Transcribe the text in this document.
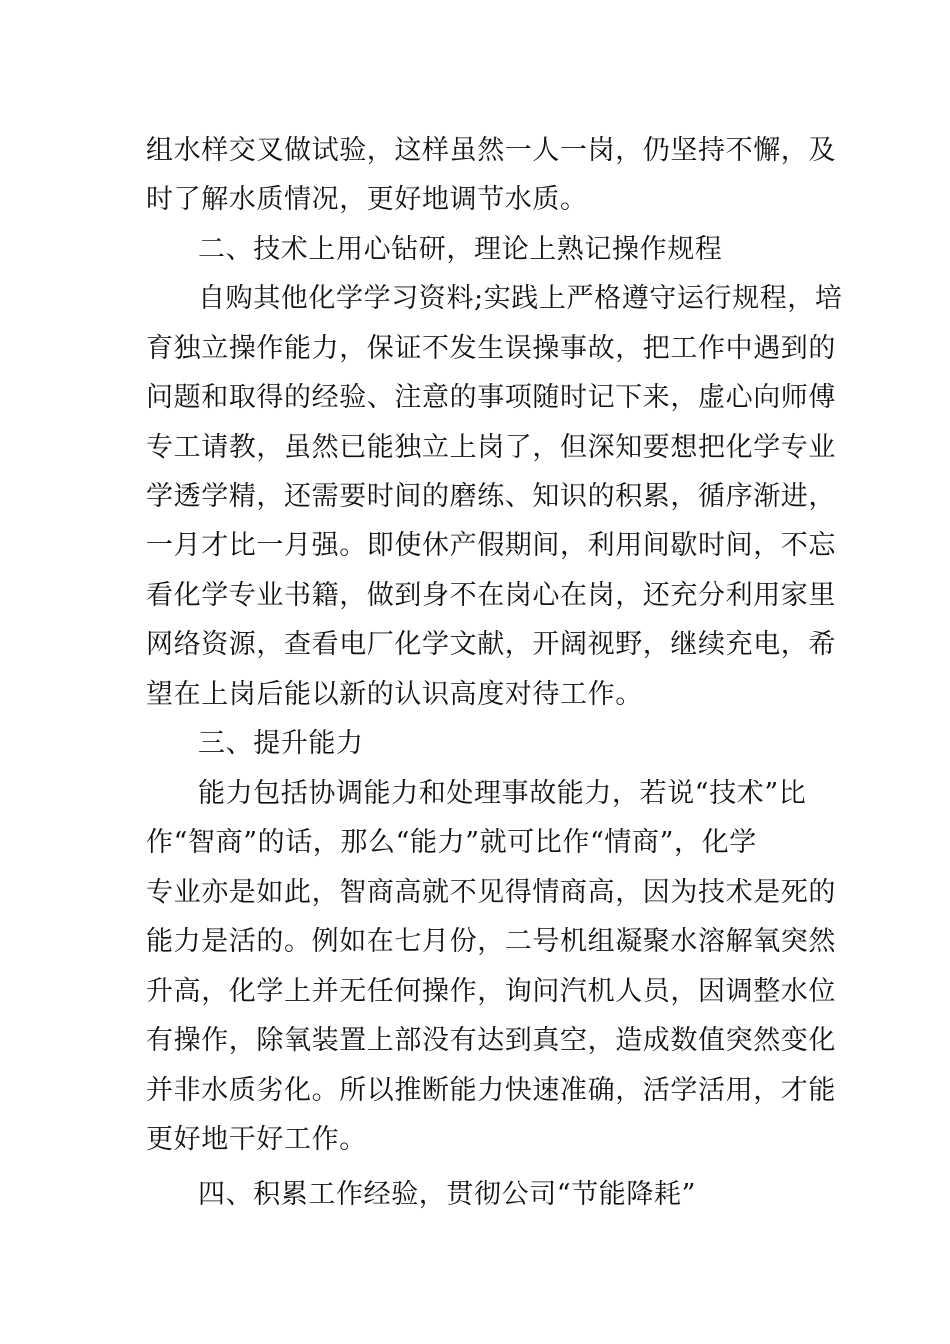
组水样交叉做试验，这样虽然一人一岗，仍坚持不懈，及
时了解水质情况，更好地调节水质。
二、技术上用心钻研，理论上熟记操作规程
自购其他化学学习资料;实践上严格遵守运行规程，培
育独立操作能力，保证不发生误操事故，把工作中遇到的
问题和取得的经验、注意的事项随时记下来，虚心向师傅
专工请教，虽然已能独立上岗了，但深知要想把化学专业
学透学精，还需要时间的磨练、知识的积累，循序渐进，
一月才比一月强。即使休产假期间，利用间歇时间，不忘
看化学专业书籍，做到身不在岗心在岗，还充分利用家里
网络资源，查看电厂化学文献，开阔视野，继续充电，希
望在上岗后能以新的认识高度对待工作。
三、提升能力
能力包括协调能力和处理事故能力，若说“技术”比
作“智商”的话，那么“能力”就可比作“情商”，化学
专业亦是如此，智商高就不见得情商高，因为技术是死的
能力是活的。例如在七月份，二号机组凝聚水溶解氧突然
升高，化学上并无任何操作，询问汽机人员，因调整水位
有操作，除氧装置上部没有达到真空，造成数值突然变化
并非水质劣化。所以推断能力快速准确，活学活用，才能
更好地干好工作。
四、积累工作经验，贯彻公司“节能降耗”
